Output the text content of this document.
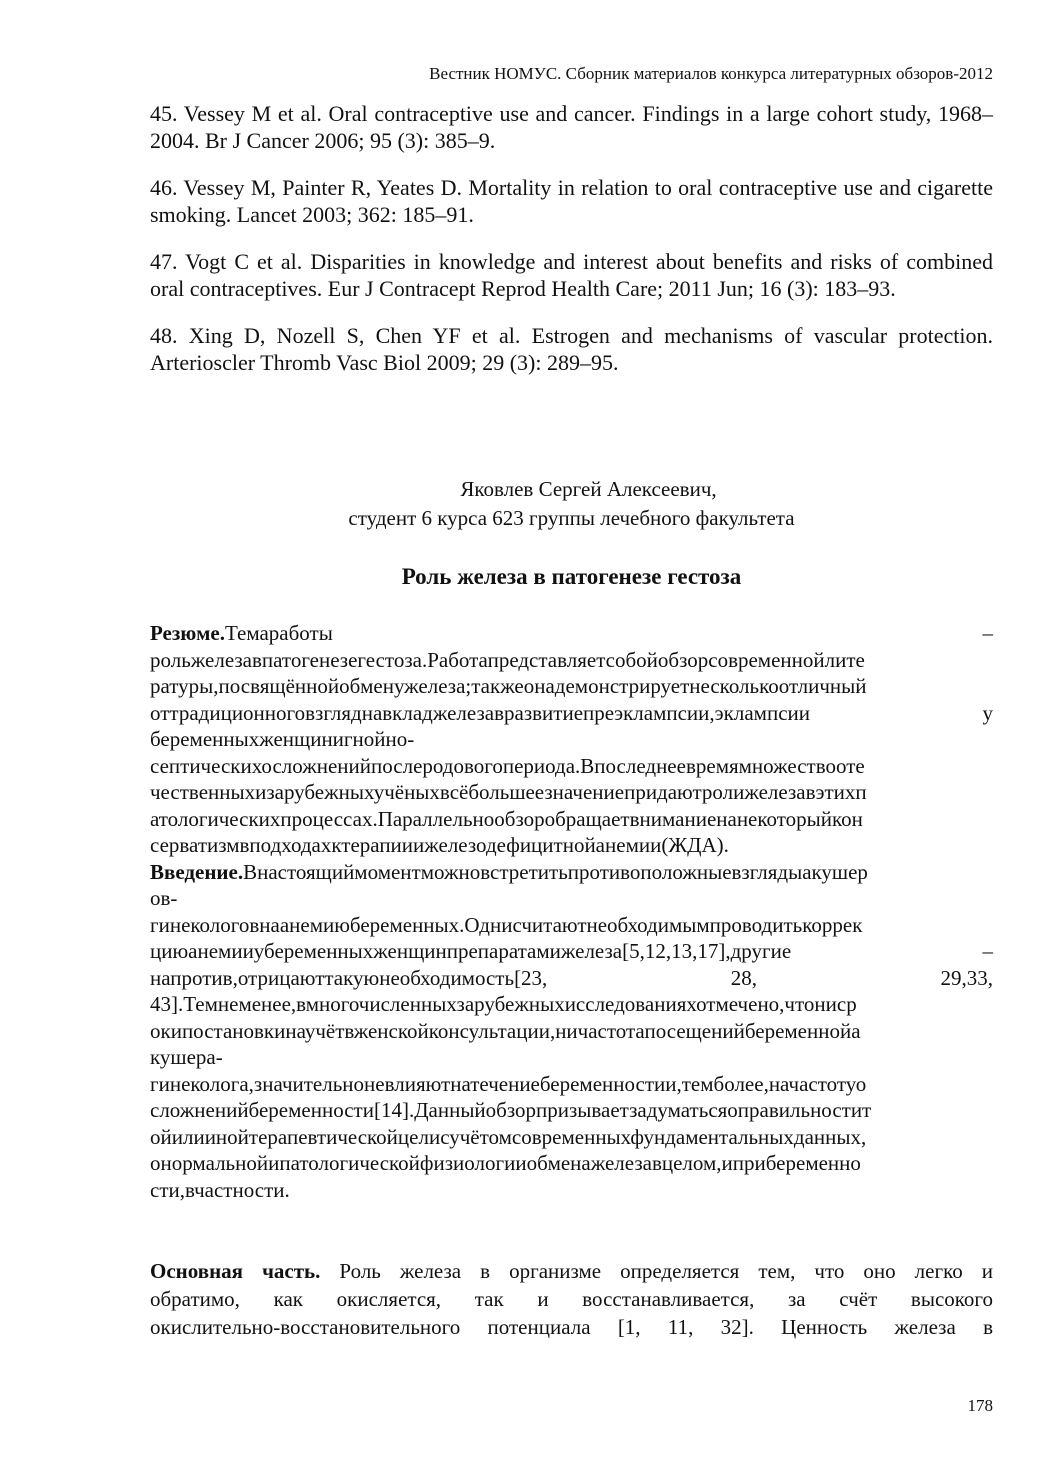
Вестник НОМУС. Сборник материалов конкурса литературных обзоров-2012

45. Vessey M et al. Oral contraceptive use and cancer. Findings in a large cohort study, 1968–2004. Br J Cancer 2006; 95 (3): 385–9.

46. Vessey M, Painter R, Yeates D. Mortality in relation to oral contraceptive use and cigarette smoking. Lancet 2003; 362: 185–91.

47. Vogt C et al. Disparities in knowledge and interest about benefits and risks of combined oral contraceptives. Eur J Contracept Reprod Health Care; 2011 Jun; 16 (3): 183–93.

48. Xing D, Nozell S, Chen YF et al. Estrogen and mechanisms of vascular protection. Arterioscler Thromb Vasc Biol 2009; 29 (3): 289–95.

Яковлев Сергей Алексеевич,
студент 6 курса 623 группы лечебного факультета
Роль железа в патогенезе гестоза
Резюме.Темаработы	–
рольжелезавпатогенезегестоза.Работапредставляетсобойобзорсовременнойлите
ратуры,посвящённойобменужелеза;такжеонадемонстрируетнесколькоотличный
оттрадиционноговзгляднавкладжелезавразвитиепреэклампсии,эклампсии	у
беременныхженщинигнойно-
септическихосложненийпослеродовогопериода.Впоследнеевремямножествооте
чественныхизарубежныхучёныхвсёбольшеезначениепридаютролижелезавэтихп
атологическихпроцессах.Параллельнообзоробращаетвниманиенанекоторыйкон
серватизмвподходахктерапииижелезодефицитнойанемии(ЖДА).
Введение.Внастоящиймоментможновстретитьпротивоположныевзглядыакушер
ов-
гинекологовнаанемиюбеременных.Однисчитаютнеобходимымпроводитькоррек
циюанемииубеременныхженщинпрепаратамижелеза[5,12,13,17],другие	–
напротив,отрицаюттакуюнеобходимость[23,	28,	29,33,
43].Темнеменее,вмногочисленныхзарубежныхисследованияхотмечено,чтониср
окипостановкинаучётвженскойконсультации,ничастотапосещенийбеременнойа
кушера-
гинеколога,значительноневлияютнатечениебеременностии,темболее,начастотуо
сложненийбеременности[14].Данныйобзорпризываетзадуматьсяоправильностит
ойилиинойтерапевтическойцелисучётомсовременныхфундаментальныхданных,
онормальнойипатологическойфизиологииобменажелезавцелом,иприбеременно
сти,вчастности.
Основная часть. Роль железа в организме определяется тем, что оно легко и
обратимо, как окисляется, так и восстанавливается, за счёт высокого
окислительно-восстановительного потенциала [1, 11, 32]. Ценность железа в
178
